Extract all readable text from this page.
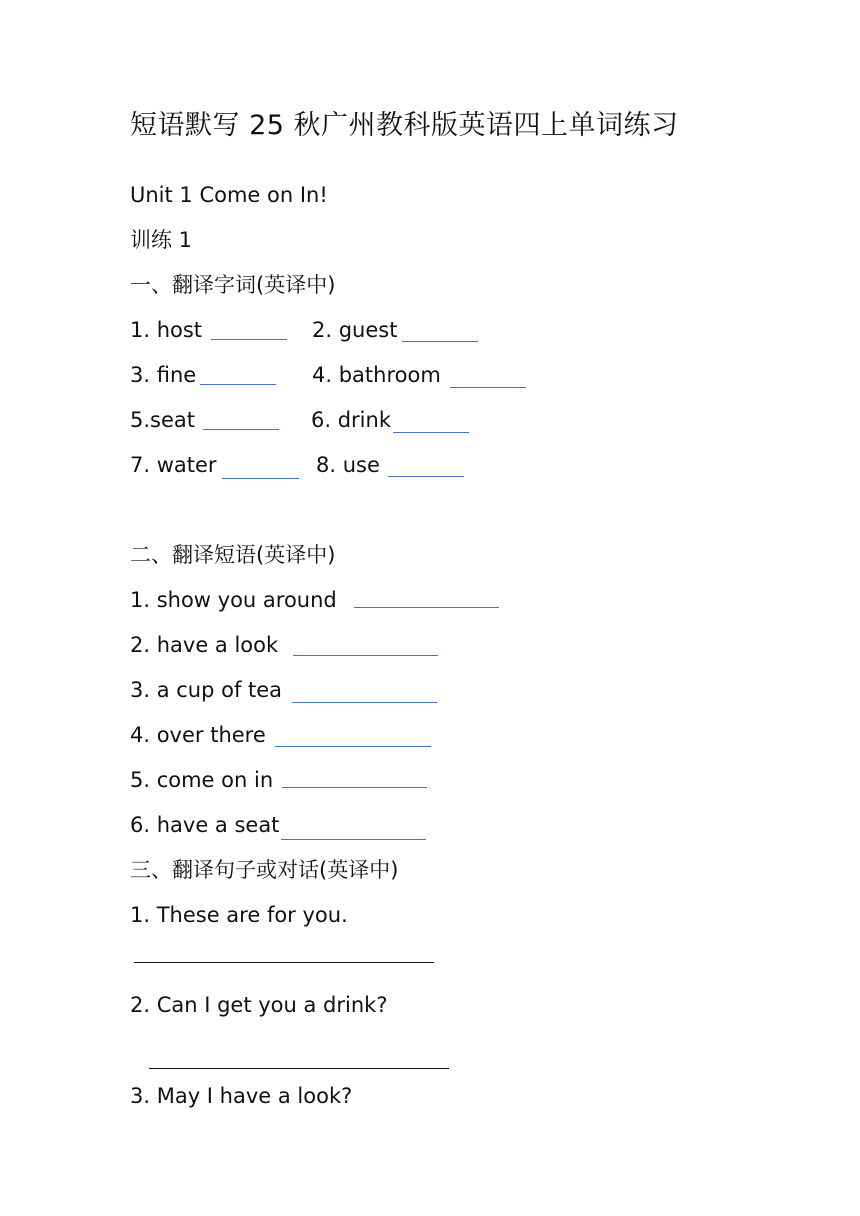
短语默写 25 秋广州教科版英语四上单词练习
Unit 1 Come on In!
训练 1
一、翻译字词(英译中)
1. host	2. guest
3. fine	4. bathroom
5.seat	6. drink
7. water	8. use
二、翻译短语(英译中)
1. show you around
2. have a look
3. a cup of tea
4. over there
5. come on in
6. have a seat
三、翻译句子或对话(英译中)
1. These are for you.
2. Can I get you a drink?
3. May I have a look?
